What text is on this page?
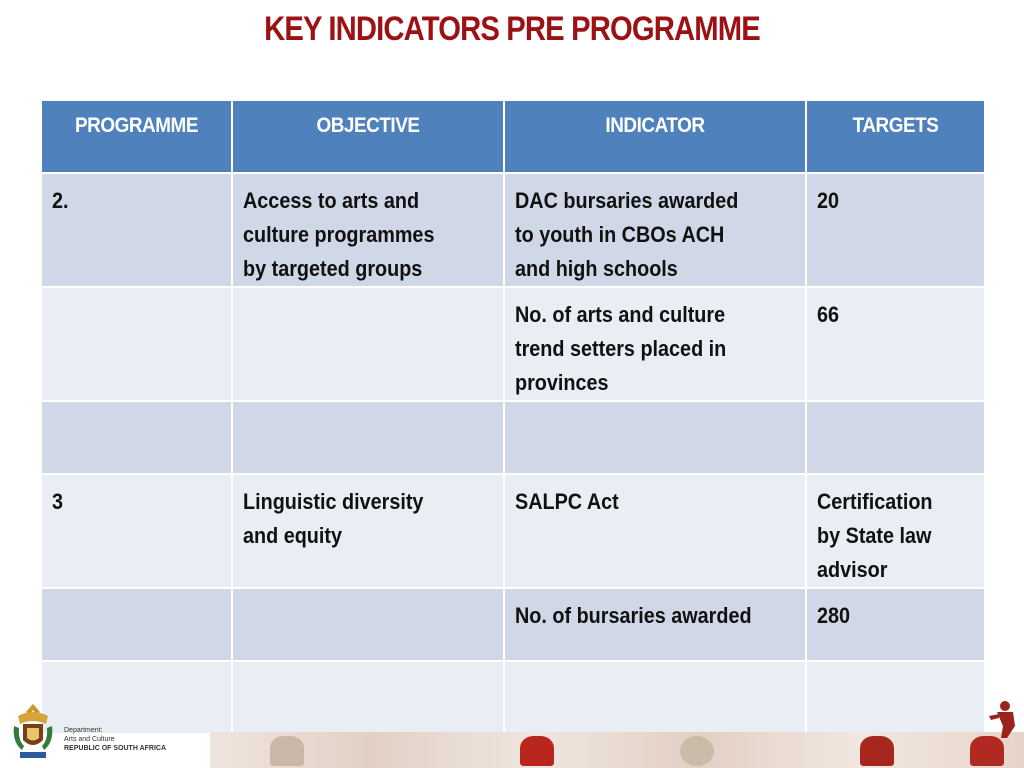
KEY INDICATORS PRE PROGRAMME
PROGRAMME	OBJECTIVE	INDICATOR	TARGETS

2.	Access to arts and
culture programmes
by targeted groups	DAC bursaries awarded
to youth in CBOs ACH
and high schools	20

		No. of arts and culture
trend setters placed in
provinces	66

3	Linguistic diversity
and equity	SALPC Act	Certification
by State law
advisor

		No. of bursaries awarded	280

Department:
Arts and Culture
REPUBLIC OF SOUTH AFRICA
